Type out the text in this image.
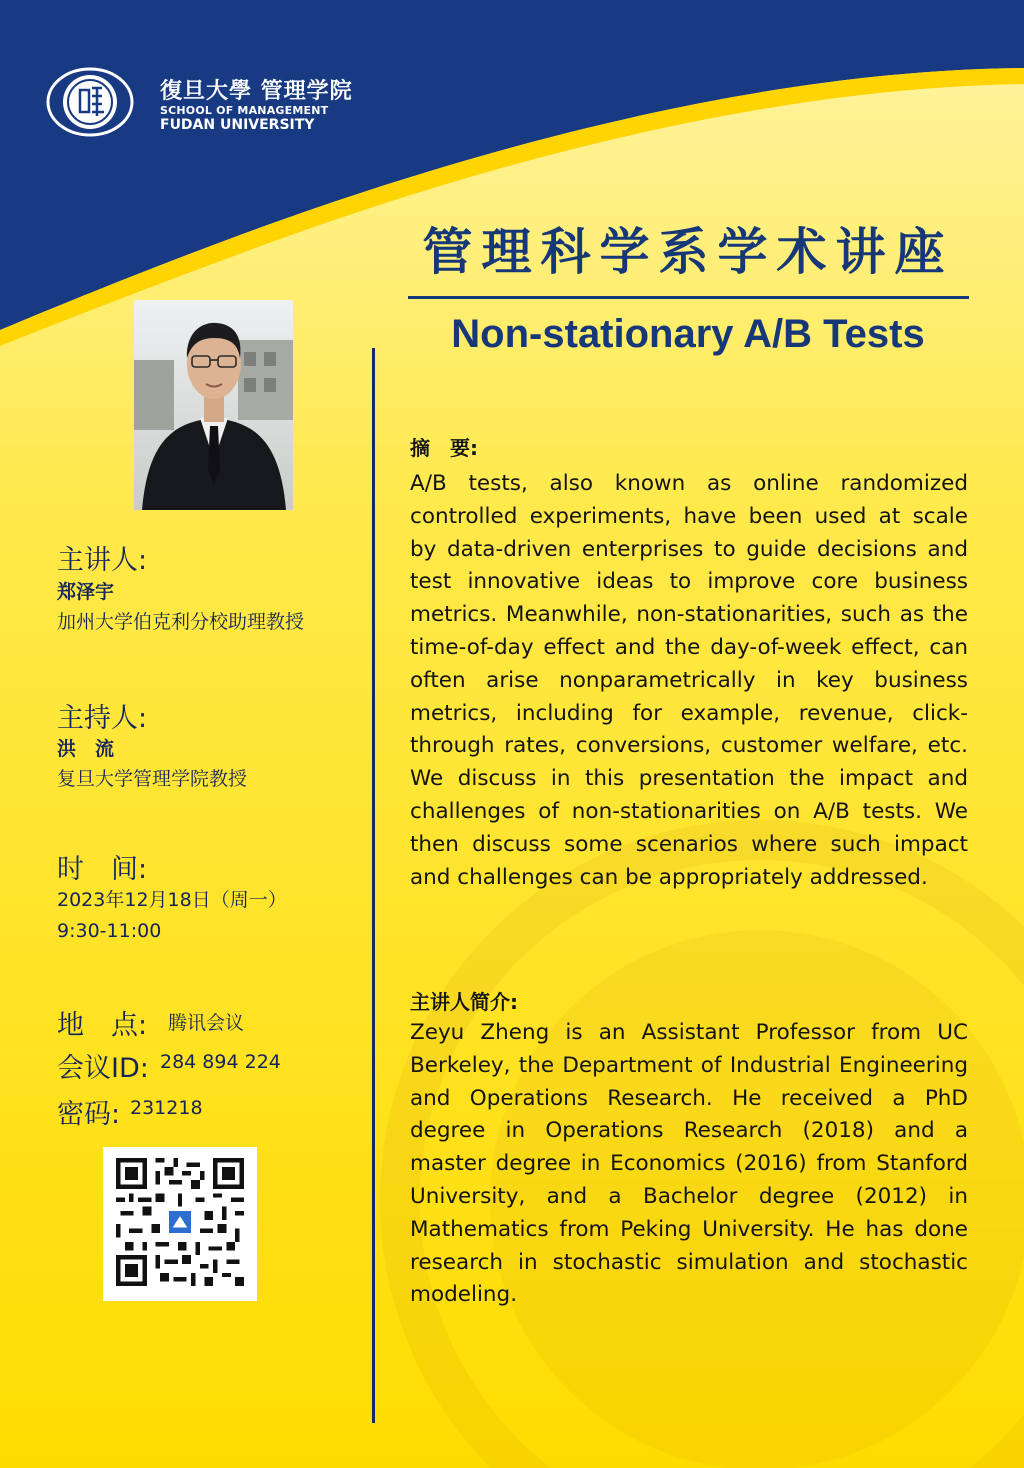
復旦大學 管理学院
SCHOOL OF MANAGEMENT
FUDAN UNIVERSITY
管理科学系学术讲座
Non-stationary A/B Tests
主讲人:
郑泽宇
加州大学伯克利分校助理教授
主持人:
洪　流
复旦大学管理学院教授
时　间:
2023年12月18日（周一）
9:30-11:00
地　点: 腾讯会议
会议ID: 284 894 224
密码: 231218
摘　要:
A/B tests, also known as online randomized controlled experiments, have been used at scale by data-driven enterprises to guide decisions and test innovative ideas to improve core business metrics. Meanwhile, non-stationarities, such as the time-of-day effect and the day-of-week effect, can often arise nonparametrically in key business metrics, including for example, revenue, click-through rates, conversions, customer welfare, etc. We discuss in this presentation the impact and challenges of non-stationarities on A/B tests. We then discuss some scenarios where such impact and challenges can be appropriately addressed.
主讲人简介:
Zeyu Zheng is an Assistant Professor from UC Berkeley, the Department of Industrial Engineering and Operations Research. He received a PhD degree in Operations Research (2018) and a master degree in Economics (2016) from Stanford University, and a Bachelor degree (2012) in Mathematics from Peking University. He has done research in stochastic simulation and stochastic modeling.
